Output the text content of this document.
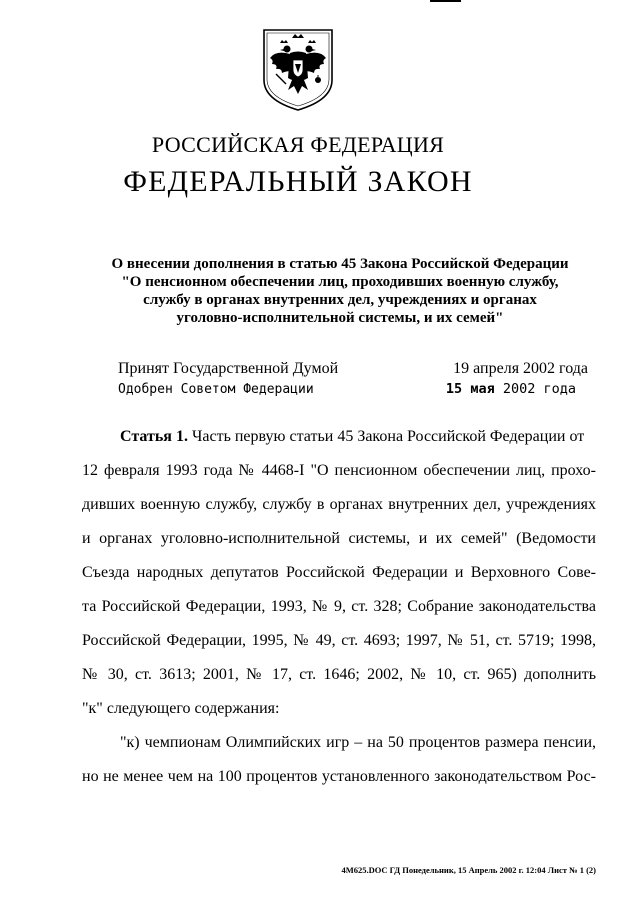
РОССИЙСКАЯ ФЕДЕРАЦИЯ
ФЕДЕРАЛЬНЫЙ ЗАКОН
О внесении дополнения в статью 45 Закона Российской Федерации
"О пенсионном обеспечении лиц, проходивших военную службу,
службу в органах внутренних дел, учреждениях и органах
уголовно-исполнительной системы, и их семей"
Принят Государственной Думой	19 апреля 2002 года
Одобрен Советом Федерации	15 мая 2002 года
Статья 1. Часть первую статьи 45 Закона Российской Федерации от
12 февраля 1993 года № 4468-I "О пенсионном обеспечении лиц, прохо-
дивших военную службу, службу в органах внутренних дел, учреждениях
и органах уголовно-исполнительной системы, и их семей" (Ведомости
Съезда народных депутатов Российской Федерации и Верховного Сове-
та Российской Федерации, 1993, № 9, ст. 328; Собрание законодательства
Российской Федерации, 1995, № 49, ст. 4693; 1997, № 51, ст. 5719; 1998,
№ 30, ст. 3613; 2001, № 17, ст. 1646; 2002, № 10, ст. 965) дополнить
"к" следующего содержания:
"к) чемпионам Олимпийских игр – на 50 процентов размера пенсии,
но не менее чем на 100 процентов установленного законодательством Рос-
4М625.DOC ГД Понедельник, 15 Апрель 2002 г. 12:04 Лист № 1 (2)
